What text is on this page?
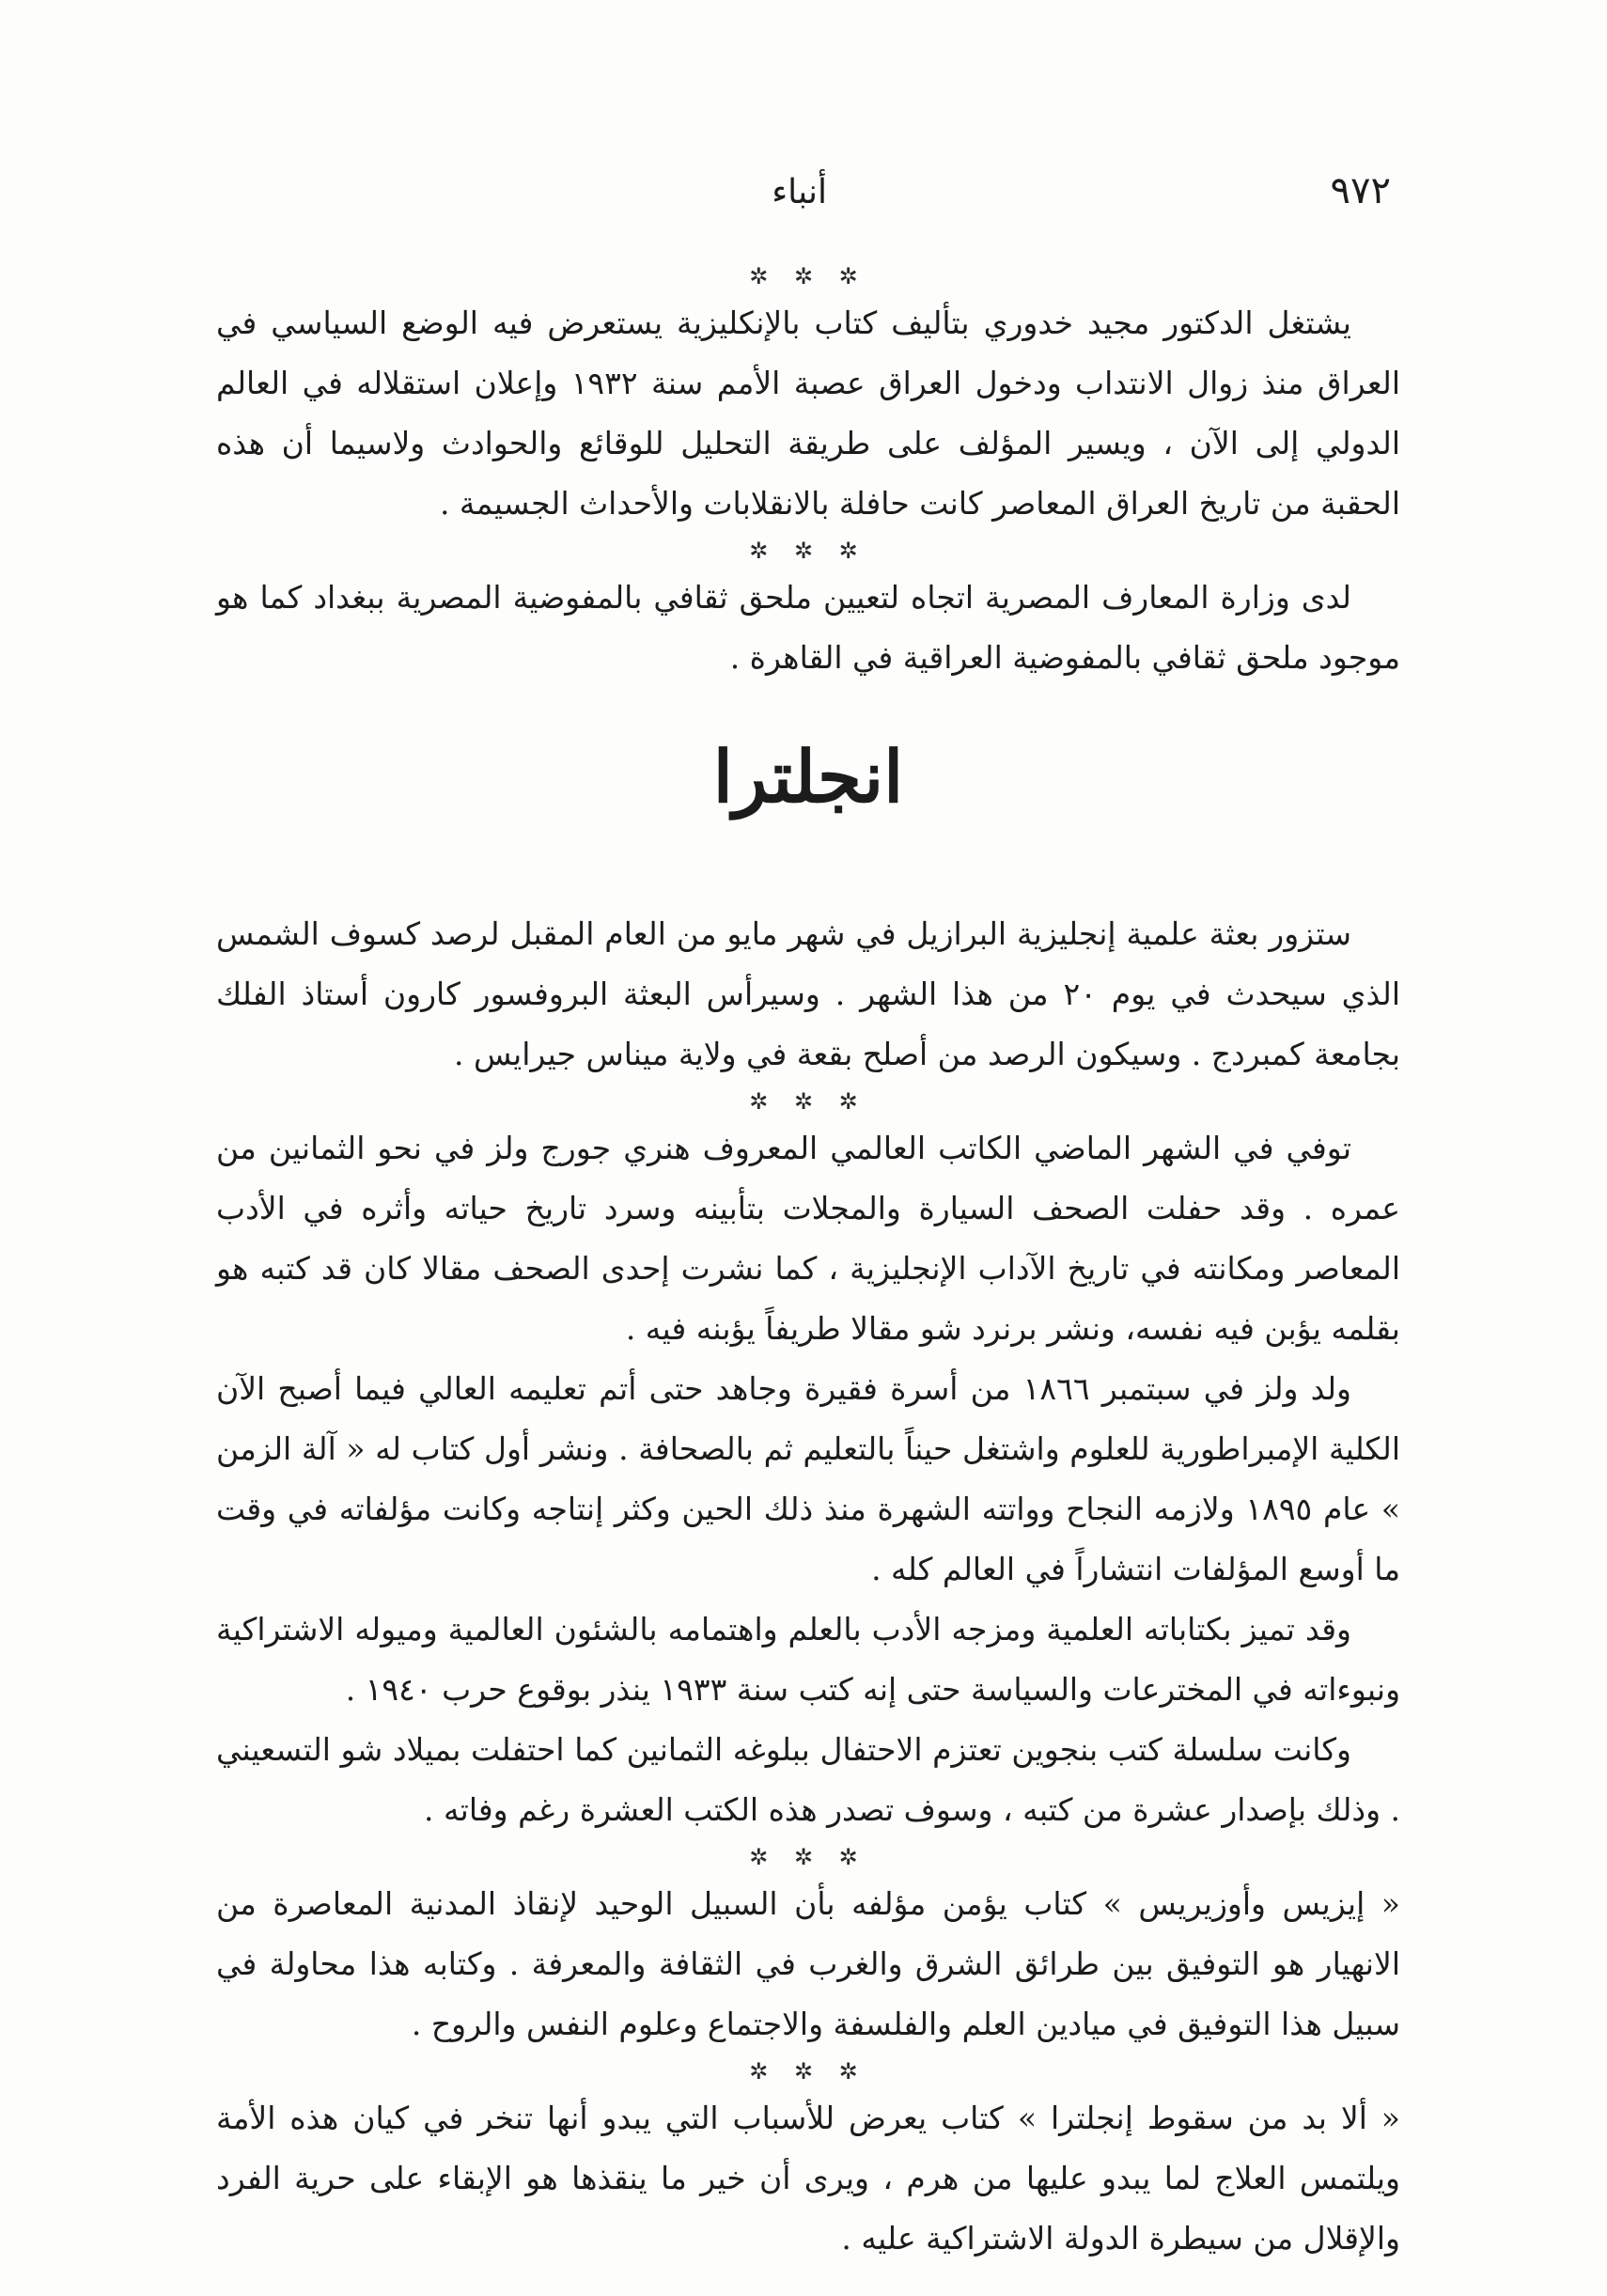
٩٧٢
أنباء

✲ ✲ ✲

يشتغل الدكتور مجيد خدوري بتأليف كتاب بالإنكليزية يستعرض فيه الوضع السياسي في العراق منذ زوال الانتداب ودخول العراق عصبة الأمم سنة ١٩٣٢ وإعلان استقلاله في العالم الدولي إلى الآن ، ويسير المؤلف على طريقة التحليل للوقائع والحوادث ولاسيما أن هذه الحقبة من تاريخ العراق المعاصر كانت حافلة بالانقلابات والأحداث الجسيمة .

✲ ✲ ✲

لدى وزارة المعارف المصرية اتجاه لتعيين ملحق ثقافي بالمفوضية المصرية ببغداد كما هو موجود ملحق ثقافي بالمفوضية العراقية في القاهرة .

انجلترا

ستزور بعثة علمية إنجليزية البرازيل في شهر مايو من العام المقبل لرصد كسوف الشمس الذي سيحدث في يوم ٢٠ من هذا الشهر . وسيرأس البعثة البروفسور كارون أستاذ الفلك بجامعة كمبردج . وسيكون الرصد من أصلح بقعة في ولاية ميناس جيرايس .

✲ ✲ ✲

توفي في الشهر الماضي الكاتب العالمي المعروف هنري جورج ولز في نحو الثمانين من عمره . وقد حفلت الصحف السيارة والمجلات بتأبينه وسرد تاريخ حياته وأثره في الأدب المعاصر ومكانته في تاريخ الآداب الإنجليزية ، كما نشرت إحدى الصحف مقالا كان قد كتبه هو بقلمه يؤبن فيه نفسه، ونشر برنرد شو مقالا طريفاً يؤبنه فيه .

ولد ولز في سبتمبر ١٨٦٦ من أسرة فقيرة وجاهد حتى أتم تعليمه العالي فيما أصبح الآن الكلية الإمبراطورية للعلوم واشتغل حيناً بالتعليم ثم بالصحافة . ونشر أول كتاب له « آلة الزمن » عام ١٨٩٥ ولازمه النجاح وواتته الشهرة منذ ذلك الحين وكثر إنتاجه وكانت مؤلفاته في وقت ما أوسع المؤلفات انتشاراً في العالم كله .

وقد تميز بكتاباته العلمية ومزجه الأدب بالعلم واهتمامه بالشئون العالمية وميوله الاشتراكية ونبوءاته في المخترعات والسياسة حتى إنه كتب سنة ١٩٣٣ ينذر بوقوع حرب ١٩٤٠ .

وكانت سلسلة كتب بنجوين تعتزم الاحتفال ببلوغه الثمانين كما احتفلت بميلاد شو التسعيني . وذلك بإصدار عشرة من كتبه ، وسوف تصدر هذه الكتب العشرة رغم وفاته .

✲ ✲ ✲

« إيزيس وأوزيريس » كتاب يؤمن مؤلفه بأن السبيل الوحيد لإنقاذ المدنية المعاصرة من الانهيار هو التوفيق بين طرائق الشرق والغرب في الثقافة والمعرفة . وكتابه هذا محاولة في سبيل هذا التوفيق في ميادين العلم والفلسفة والاجتماع وعلوم النفس والروح .

✲ ✲ ✲

« ألا بد من سقوط إنجلترا » كتاب يعرض للأسباب التي يبدو أنها تنخر في كيان هذه الأمة ويلتمس العلاج لما يبدو عليها من هرم ، ويرى أن خير ما ينقذها هو الإبقاء على حرية الفرد والإقلال من سيطرة الدولة الاشتراكية عليه .
